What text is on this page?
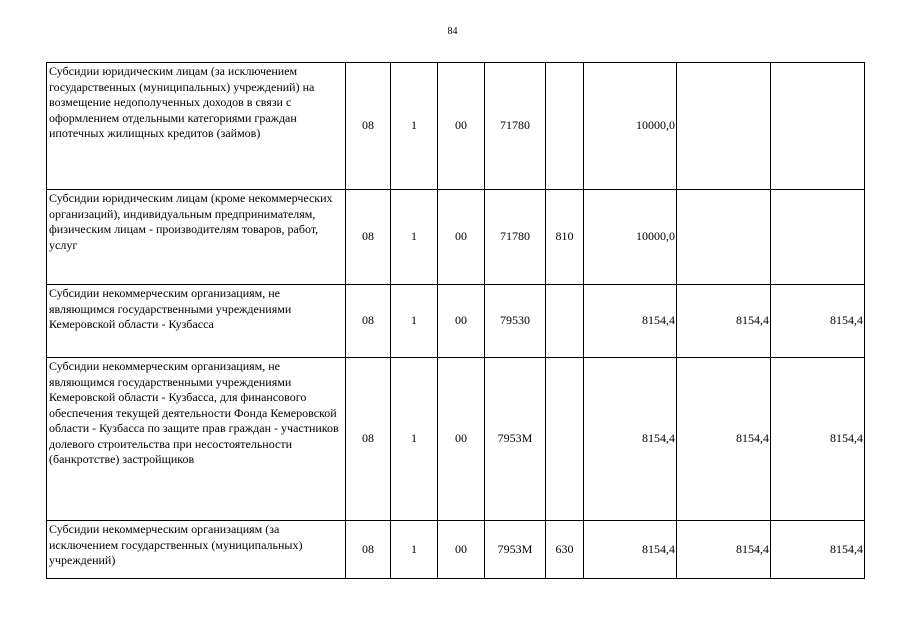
84
Субсидии юридическим лицам (за исключением государственных (муниципальных) учреждений) на возмещение недополученных доходов в связи с оформлением отдельными категориями граждан ипотечных жилищных кредитов (займов)	08	1	00	71780		10000,0		
Субсидии юридическим лицам (кроме некоммерческих организаций), индивидуальным предпринимателям, физическим лицам - производителям товаров, работ, услуг	08	1	00	71780	810	10000,0		
Субсидии некоммерческим организациям, не являющимся государственными учреждениями Кемеровской области - Кузбасса	08	1	00	79530		8154,4	8154,4	8154,4
Субсидии некоммерческим организациям, не являющимся государственными учреждениями Кемеровской области - Кузбасса, для финансового обеспечения текущей деятельности Фонда Кемеровской области - Кузбасса по защите прав граждан - участников долевого строительства при несостоятельности (банкротстве) застройщиков	08	1	00	7953М		8154,4	8154,4	8154,4
Субсидии некоммерческим организациям (за исключением государственных (муниципальных) учреждений)	08	1	00	7953М	630	8154,4	8154,4	8154,4
